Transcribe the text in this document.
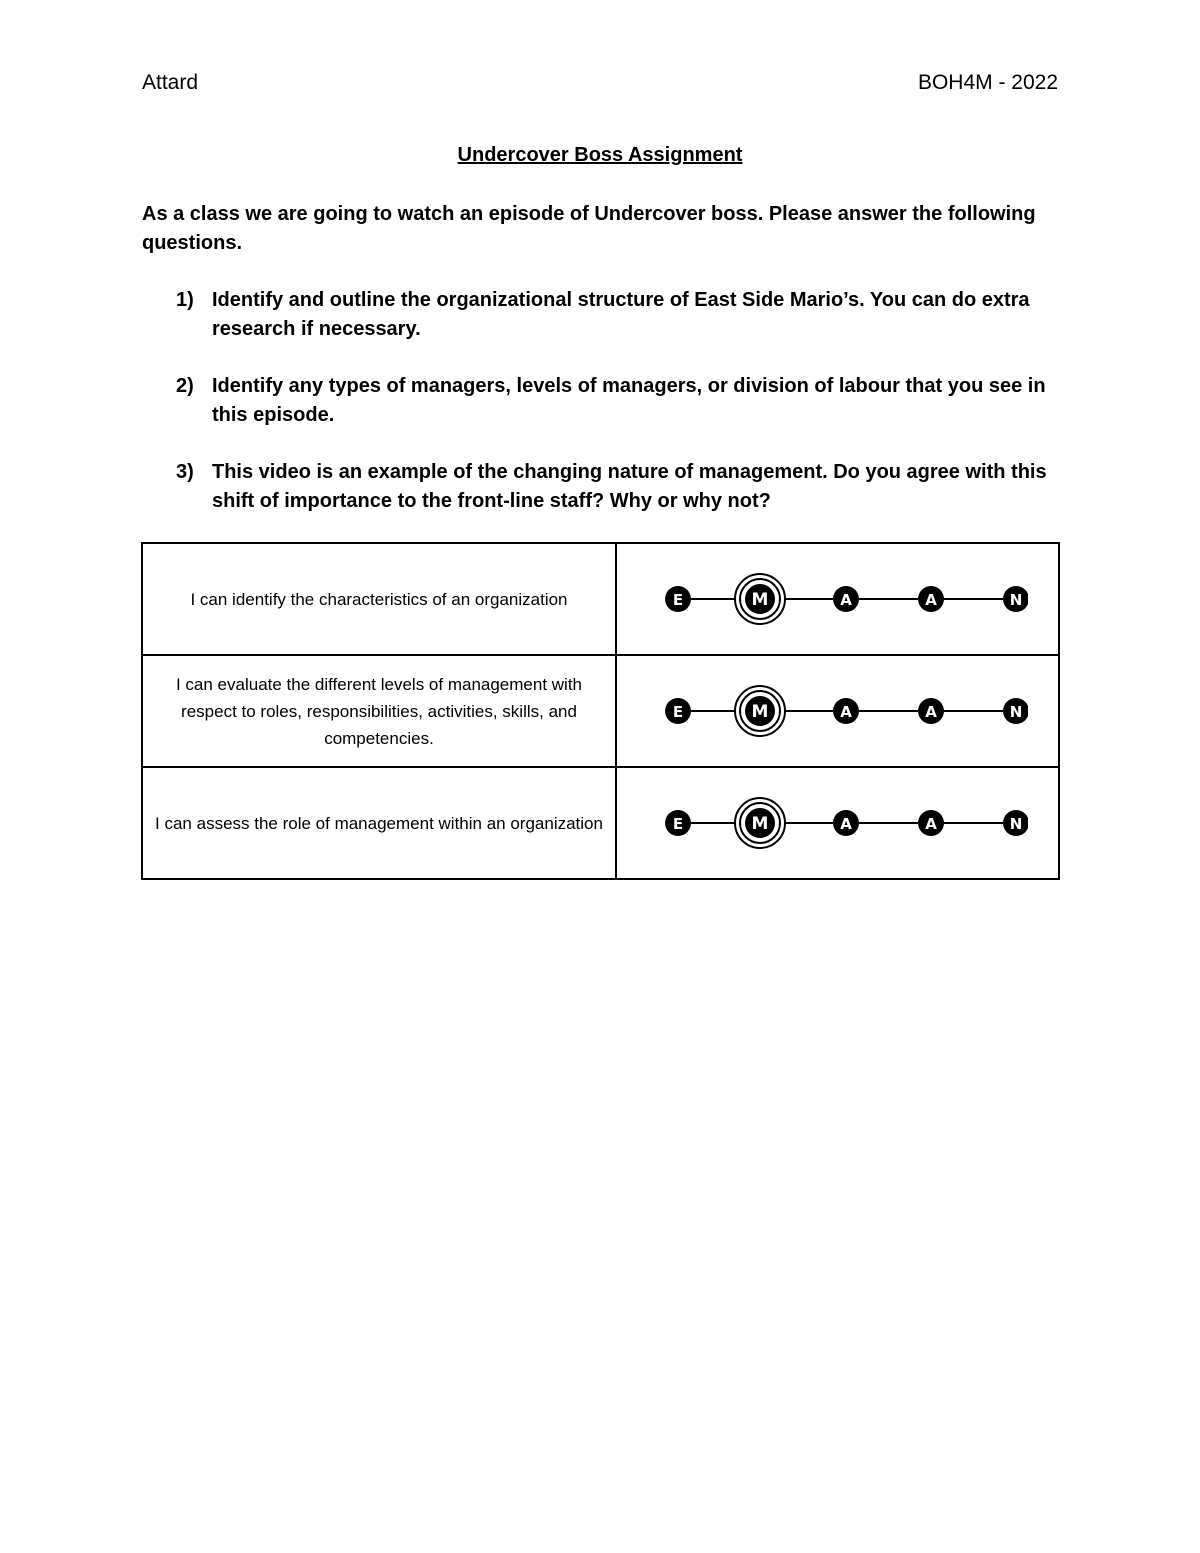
Attard	BOH4M - 2022
Undercover Boss Assignment
As a class we are going to watch an episode of Undercover boss. Please answer the following questions.
1) Identify and outline the organizational structure of East Side Mario’s. You can do extra research if necessary.
2) Identify any types of managers, levels of managers, or division of labour that you see in this episode.
3) This video is an example of the changing nature of management. Do you agree with this shift of importance to the front-line staff? Why or why not?
I can identify the characteristics of an organization	E M A A N

I can evaluate the different levels of management with respect to roles, responsibilities, activities, skills, and competencies.	E M A A N

I can assess the role of management within an organization	E M A A N
